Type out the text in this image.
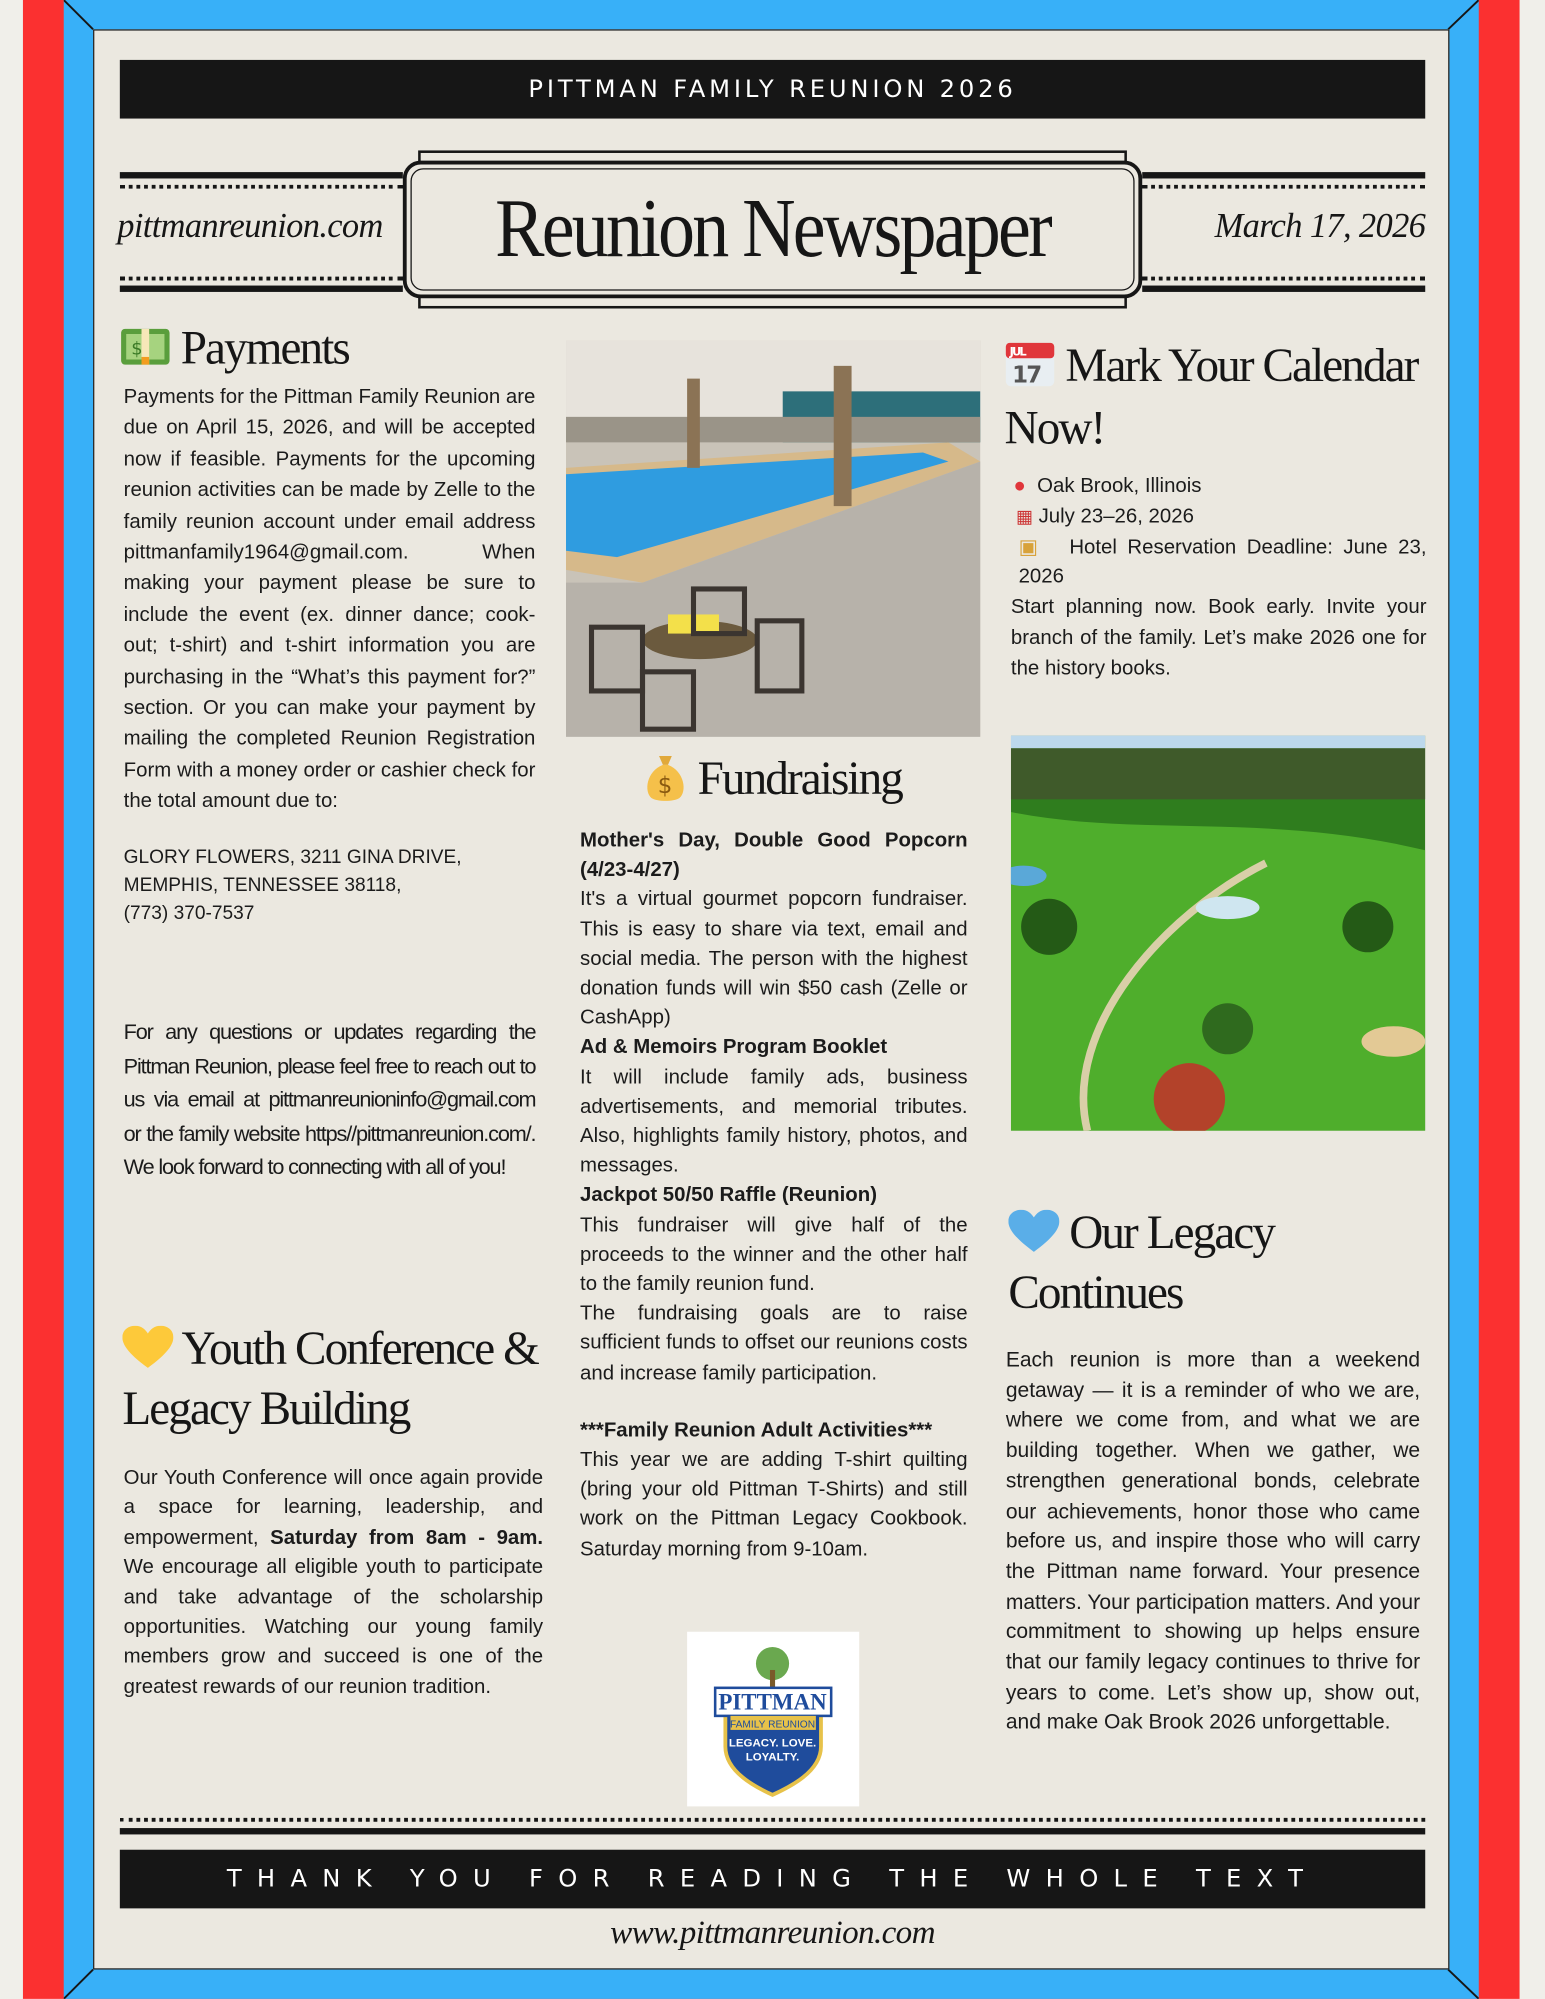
PITTMAN FAMILY REUNION 2026
pittmanreunion.com	March 17, 2026
Reunion Newspaper
$ Payments

Payments for the Pittman Family Reunion are due on April 15, 2026, and will be accepted now if feasible. Payments for the upcoming reunion activities can be made by Zelle to the family reunion account under email address pittmanfamily1964@gmail.com. When making your payment please be sure to include the event (ex. dinner dance; cook-out; t-shirt) and t-shirt information you are purchasing in the “What’s this payment for?” section. Or you can make your payment by mailing the completed Reunion Registration Form with a money order or cashier check for the total amount due to:

GLORY FLOWERS, 3211 GINA DRIVE,

MEMPHIS, TENNESSEE 38118,

(773) 370-7537

For any questions or updates regarding the Pittman Reunion, please feel free to reach out to us via email at pittmanreunioninfo@gmail.com or the family website https//pittmanreunion.com/. We look forward to connecting with all of you!
Youth Conference &
Legacy Building
Our Youth Conference will once again provide a space for learning, leadership, and empowerment, Saturday from 8am - 9am. We encourage all eligible youth to participate and take advantage of the scholarship opportunities. Watching our young family members grow and succeed is one of the greatest rewards of our reunion tradition.
$ Fundraising

Mother's Day, Double Good Popcorn (4/23-4/27)

It's a virtual gourmet popcorn fundraiser. This is easy to share via text, email and social media. The person with the highest donation funds will win $50 cash (Zelle or CashApp)

Ad & Memoirs Program Booklet

It will include family ads, business advertisements, and memorial tributes. Also, highlights family history, photos, and messages.

Jackpot 50/50 Raffle (Reunion)

This fundraiser will give half of the proceeds to the winner and the other half to the family reunion fund.

The fundraising goals are to raise sufficient funds to offset our reunions costs and increase family participation.

***Family Reunion Adult Activities***

This year we are adding T-shirt quilting (bring your old Pittman T-Shirts) and still work on the Pittman Legacy Cookbook. Saturday morning from 9-10am.

PITTMAN
FAMILY REUNION
LEGACY. LOVE.
LOYALTY.
JUL
17 Mark Your Calendar
Now!

● Oak Brook, Illinois

▦ July 23–26, 2026

▣ Hotel Reservation Deadline: June 23, 2026

Start planning now. Book early. Invite your branch of the family. Let’s make 2026 one for the history books.

Our Legacy
Continues
Each reunion is more than a weekend getaway — it is a reminder of who we are, where we come from, and what we are building together. When we gather, we strengthen generational bonds, celebrate our achievements, honor those who came before us, and inspire those who will carry the Pittman name forward. Your presence matters. Your participation matters. And your commitment to showing up helps ensure that our family legacy continues to thrive for years to come. Let’s show up, show out, and make Oak Brook 2026 unforgettable.
THANK YOU FOR READING THE WHOLE TEXT
www.pittmanreunion.com
